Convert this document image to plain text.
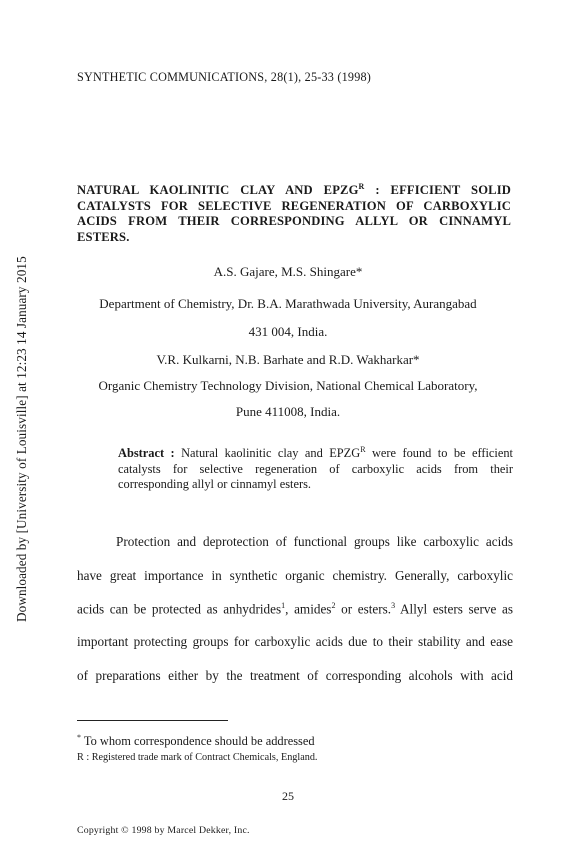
Downloaded by [University of Louisville] at 12:23 14 January 2015
SYNTHETIC COMMUNICATIONS, 28(1), 25-33 (1998)
NATURAL KAOLINITIC CLAY AND $EPZG^R$ : EFFICIENT SOLID CATALYSTS FOR SELECTIVE REGENERATION OF CARBOXYLIC ACIDS FROM THEIR CORRESPONDING ALLYL OR CINNAMYL ESTERS.
A.S. Gajare, M.S. Shingare*
Department of Chemistry, Dr. B.A. Marathwada University, Aurangabad
431 004, India.
V.R. Kulkarni, N.B. Barhate and R.D. Wakharkar*
Organic Chemistry Technology Division, National Chemical Laboratory,
Pune 411008, India.
Abstract : Natural kaolinitic clay and $EPZG^R$ were found to be efficient catalysts for selective regeneration of carboxylic acids from their corresponding allyl or cinnamyl esters.
Protection and deprotection of functional groups like carboxylic acids
have great importance in synthetic organic chemistry. Generally, carboxylic
acids can be protected as anhydrides$^1$, amides$^2$ or esters.$^3$ Allyl esters serve as
important protecting groups for carboxylic acids due to their stability and ease
of preparations either by the treatment of corresponding alcohols with acid
* To whom correspondence should be addressed
R : Registered trade mark of Contract Chemicals, England.
25
Copyright © 1998 by Marcel Dekker, Inc.
